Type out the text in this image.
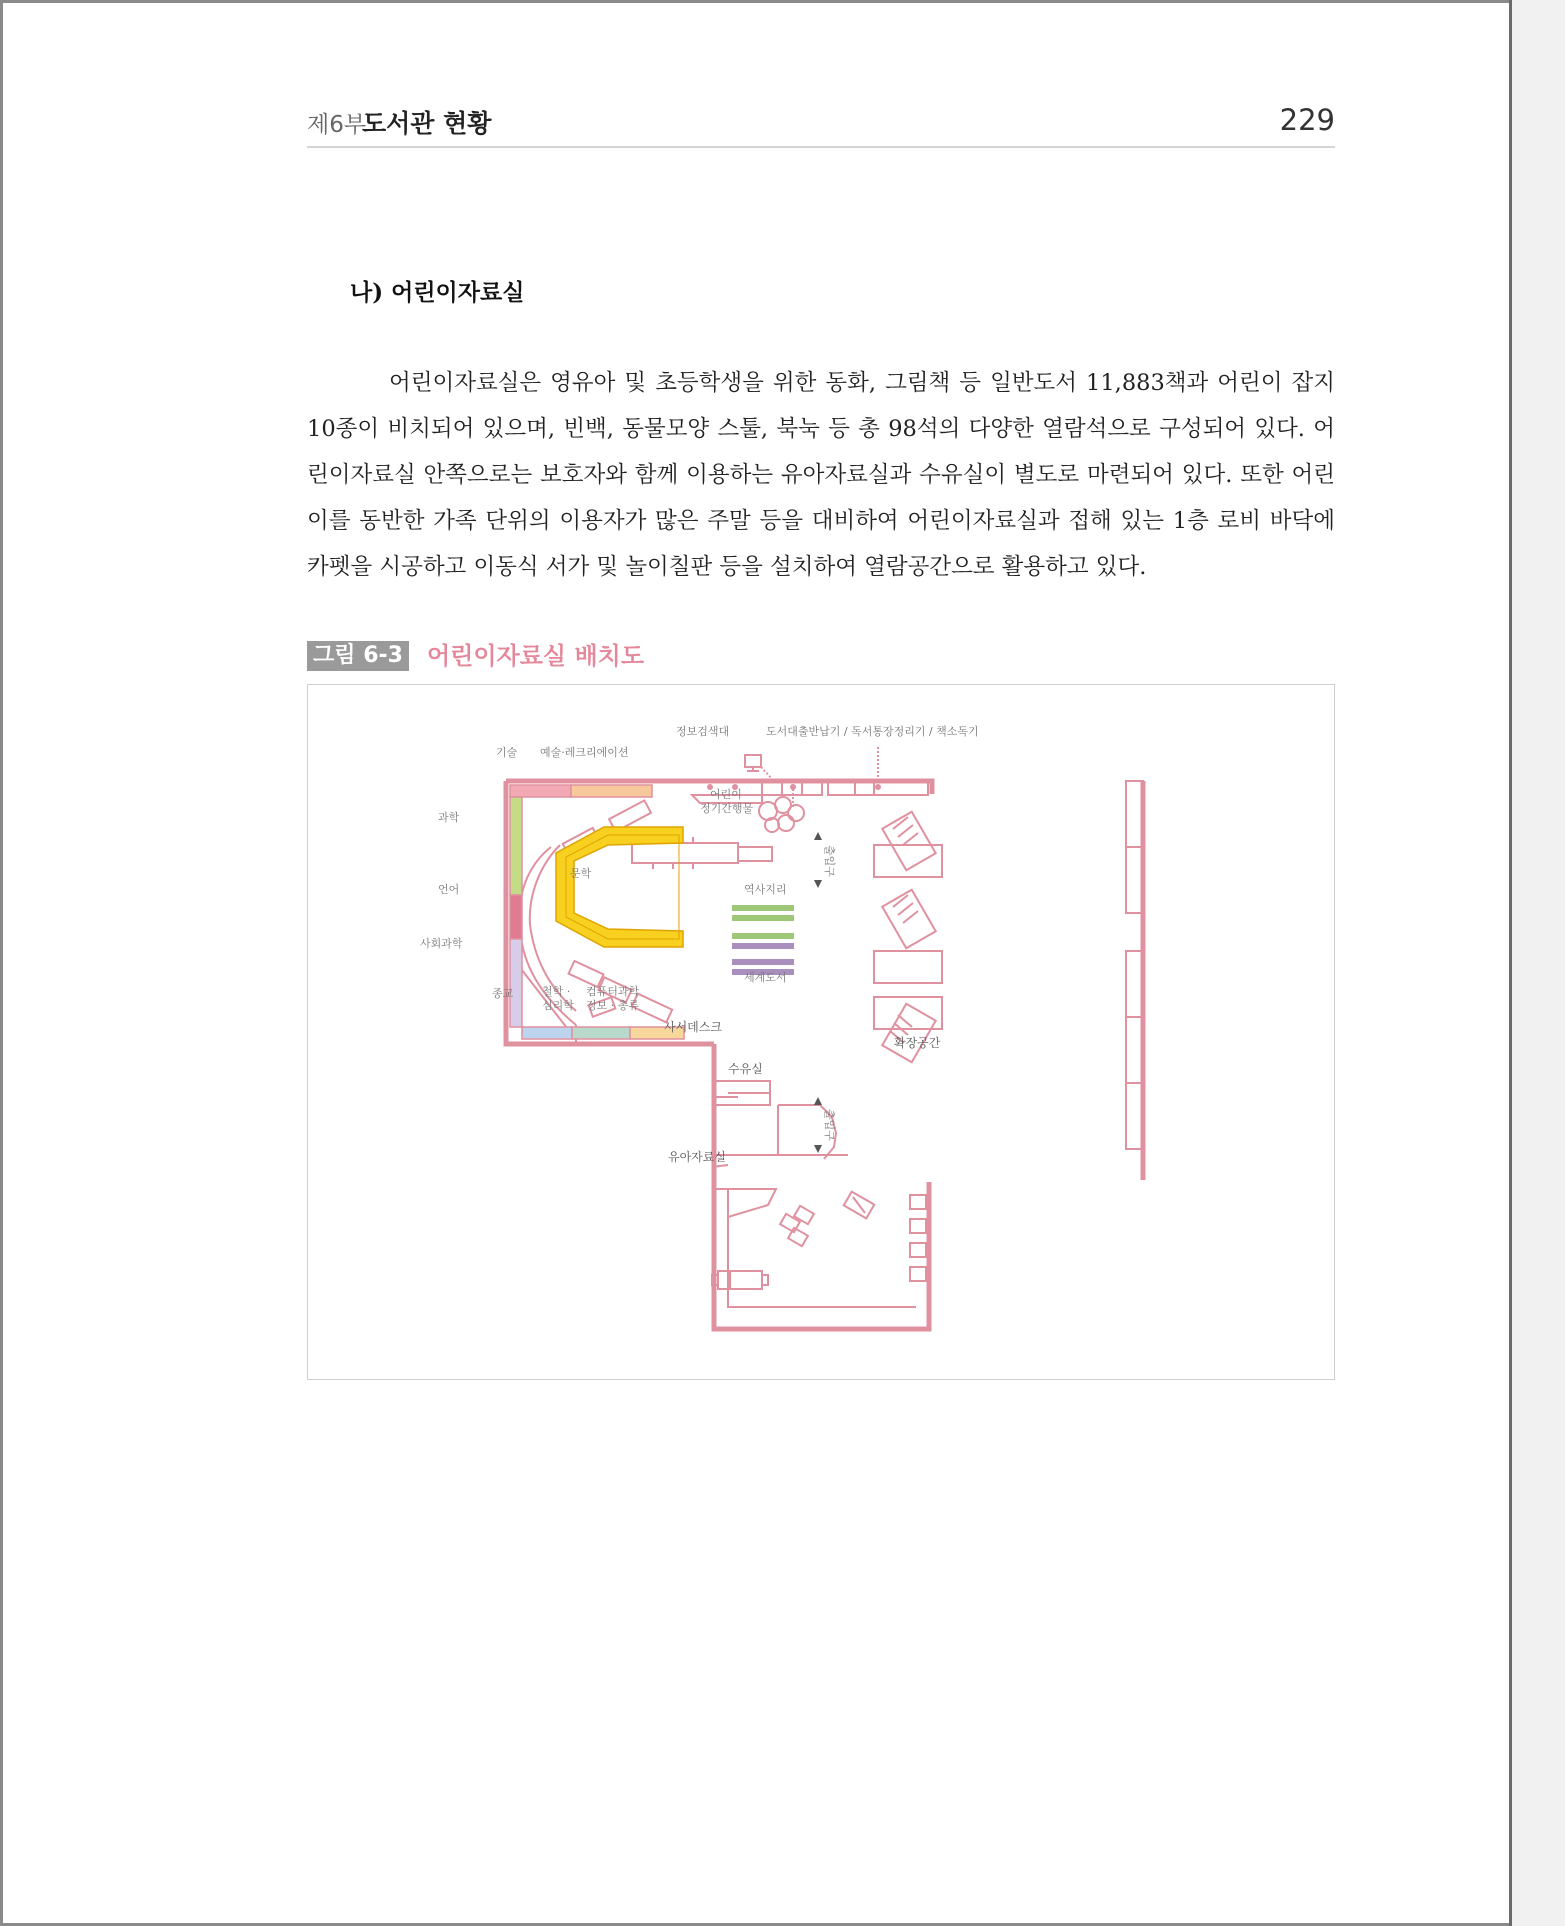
제6부
도서관 현황	229
나) 어린이자료실

어린이자료실은 영유아 및 초등학생을 위한 동화, 그림책 등 일반도서 11,883책과 어린이 잡지 10종이 비치되어 있으며, 빈백, 동물모양 스툴, 북눅 등 총 98석의 다양한 열람석으로 구성되어 있다. 어린이자료실 안쪽으로는 보호자와 함께 이용하는 유아자료실과 수유실이 별도로 마련되어 있다. 또한 어린이를 동반한 가족 단위의 이용자가 많은 주말 등을 대비하여 어린이자료실과 접해 있는 1층 로비 바닥에 카펫을 시공하고 이동식 서가 및 놀이칠판 등을 설치하여 열람공간으로 활용하고 있다.

그림 6-3 어린이자료실 배치도
정보검색대	도서대출반납기 / 독서통장정리기 / 책소독기
기술 예술·레크리에이션
과학
언어
사회과학
종교	철학 ·
심리학
컴퓨터과학
정보 · 총류
문학
어린이
정기간행물
역사지리
세계도서
출입구
출입구
사서데스크
수유실
유아자료실
확장공간
